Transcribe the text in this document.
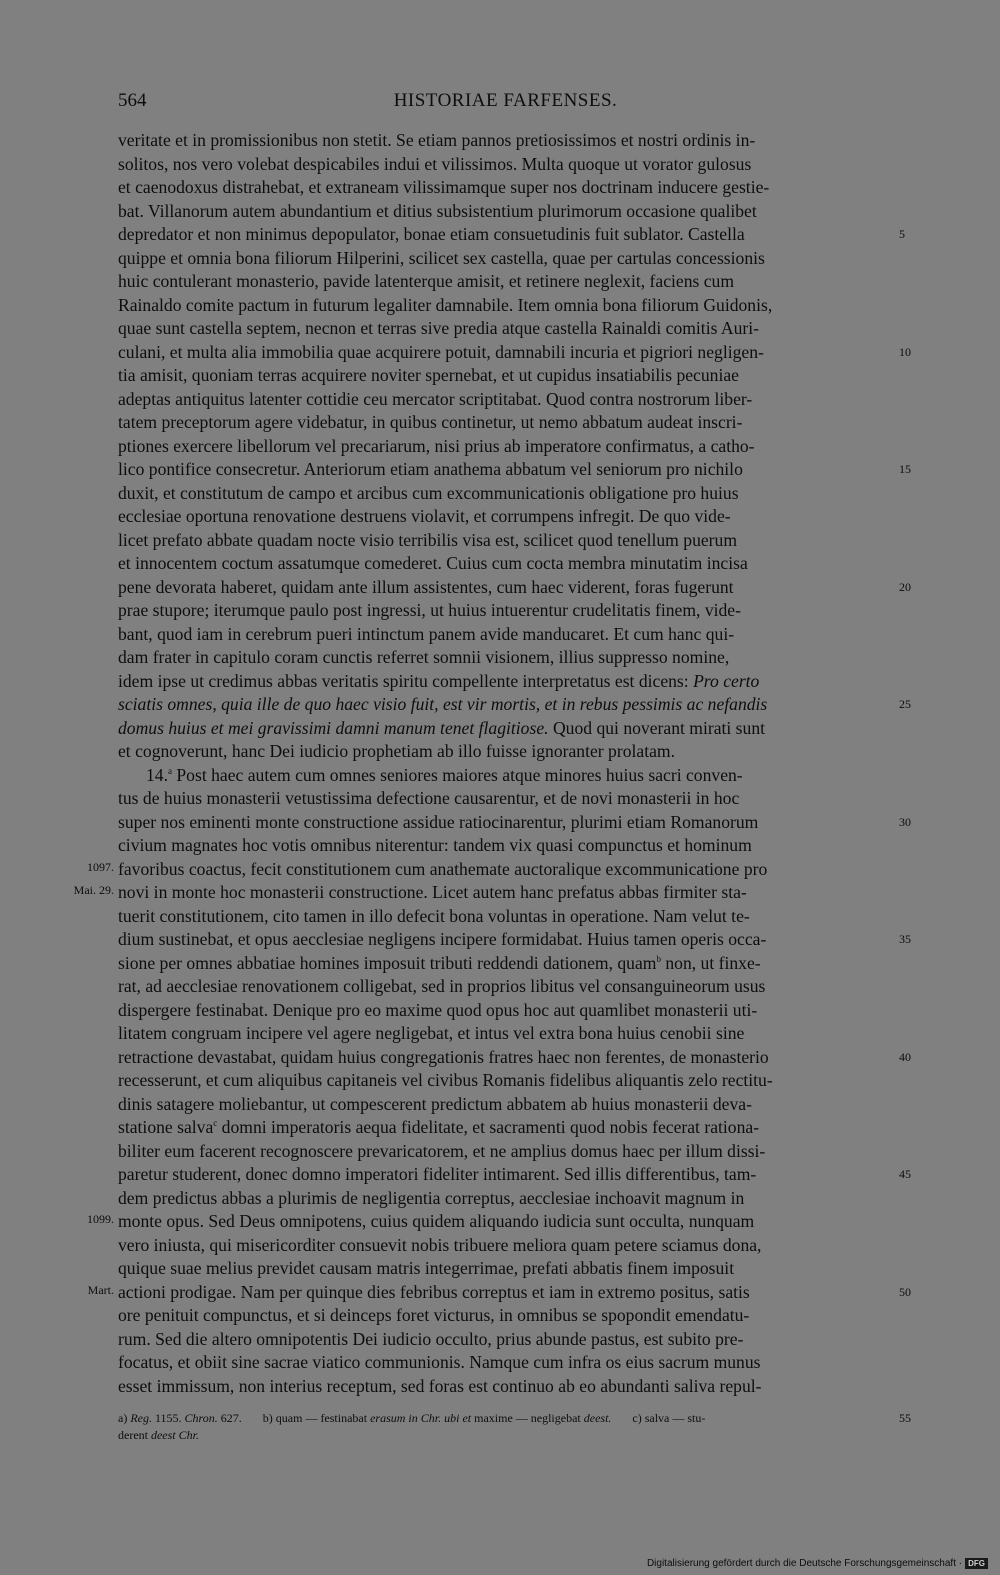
564	HISTORIAE FARFENSES.
veritate et in promissionibus non stetit. Se etiam pannos pretiosissimos et nostri ordinis in-
solitos, nos vero volebat despicabiles indui et vilissimos. Multa quoque ut vorator gulosus
et caenodoxus distrahebat, et extraneam vilissimamque super nos doctrinam inducere gestie-
bat. Villanorum autem abundantium et ditius subsistentium plurimorum occasione qualibet
depredator et non minimus depopulator, bonae etiam consuetudinis fuit sublator. Castella	5
quippe et omnia bona filiorum Hilperini, scilicet sex castella, quae per cartulas concessionis
huic contulerant monasterio, pavide latenterque amisit, et retinere neglexit, faciens cum
Rainaldo comite pactum in futurum legaliter damnabile. Item omnia bona filiorum Guidonis,
quae sunt castella septem, necnon et terras sive predia atque castella Rainaldi comitis Auri-
culani, et multa alia immobilia quae acquirere potuit, damnabili incuria et pigriori negligen-	10
tia amisit, quoniam terras acquirere noviter spernebat, et ut cupidus insatiabilis pecuniae
adeptas antiquitus latenter cottidie ceu mercator scriptitabat. Quod contra nostrorum liber-
tatem preceptorum agere videbatur, in quibus continetur, ut nemo abbatum audeat inscri-
ptiones exercere libellorum vel precariarum, nisi prius ab imperatore confirmatus, a catho-
lico pontifice consecretur. Anteriorum etiam anathema abbatum vel seniorum pro nichilo	15
duxit, et constitutum de campo et arcibus cum excommunicationis obligatione pro huius
ecclesiae oportuna renovatione destruens violavit, et corrumpens infregit. De quo vide-
licet prefato abbate quadam nocte visio terribilis visa est, scilicet quod tenellum puerum
et innocentem coctum assatumque comederet. Cuius cum cocta membra minutatim incisa
pene devorata haberet, quidam ante illum assistentes, cum haec viderent, foras fugerunt	20
prae stupore; iterumque paulo post ingressi, ut huius intuerentur crudelitatis finem, vide-
bant, quod iam in cerebrum pueri intinctum panem avide manducaret. Et cum hanc qui-
dam frater in capitulo coram cunctis referret somnii visionem, illius suppresso nomine,
idem ipse ut credimus abbas veritatis spiritu compellente interpretatus est dicens: Pro certo
sciatis omnes, quia ille de quo haec visio fuit, est vir mortis, et in rebus pessimis ac nefandis	25
domus huius et mei gravissimi damni manum tenet flagitiose. Quod qui noverant mirati sunt
et cognoverunt, hanc Dei iudicio prophetiam ab illo fuisse ignoranter prolatam.
14.$^a$ Post haec autem cum omnes seniores maiores atque minores huius sacri conven-
tus de huius monasterii vetustissima defectione causarentur, et de novi monasterii in hoc
super nos eminenti monte constructione assidue ratiocinarentur, plurimi etiam Romanorum	30
civium magnates hoc votis omnibus niterentur: tandem vix quasi compunctus et hominum
favoribus coactus, fecit constitutionem cum anathemate auctoralique excommunicatione pro
1097.
novi in monte hoc monasterii constructione. Licet autem hanc prefatus abbas firmiter sta-
Mai. 29.
tuerit constitutionem, cito tamen in illo defecit bona voluntas in operatione. Nam velut te-
dium sustinebat, et opus aecclesiae negligens incipere formidabat. Huius tamen operis occa-	35
sione per omnes abbatiae homines imposuit tributi reddendi dationem, quam$^b$ non, ut finxe-
rat, ad aecclesiae renovationem colligebat, sed in proprios libitus vel consanguineorum usus
dispergere festinabat. Denique pro eo maxime quod opus hoc aut quamlibet monasterii uti-
litatem congruam incipere vel agere negligebat, et intus vel extra bona huius cenobii sine
retractione devastabat, quidam huius congregationis fratres haec non ferentes, de monasterio	40
recesserunt, et cum aliquibus capitaneis vel civibus Romanis fidelibus aliquantis zelo rectitu-
dinis satagere moliebantur, ut compescerent predictum abbatem ab huius monasterii deva-
statione salva$^c$ domni imperatoris aequa fidelitate, et sacramenti quod nobis fecerat rationa-
biliter eum facerent recognoscere prevaricatorem, et ne amplius domus haec per illum dissi-
paretur studerent, donec domno imperatori fideliter intimarent. Sed illis differentibus, tam-	45
dem predictus abbas a plurimis de negligentia correptus, aecclesiae inchoavit magnum in
monte opus. Sed Deus omnipotens, cuius quidem aliquando iudicia sunt occulta, nunquam
1099.
vero iniusta, qui misericorditer consuevit nobis tribuere meliora quam petere sciamus dona,
quique suae melius previdet causam matris integerrimae, prefati abbatis finem imposuit
actioni prodigae. Nam per quinque dies febribus correptus et iam in extremo positus, satis	50
Mart.
ore penituit compunctus, et si deinceps foret victurus, in omnibus se spopondit emendatu-
rum. Sed die altero omnipotentis Dei iudicio occulto, prius abunde pastus, est subito pre-
focatus, et obiit sine sacrae viatico communionis. Namque cum infra os eius sacrum munus
esset immissum, non interius receptum, sed foras est continuo ab eo abundanti saliva repul-
a) Reg. 1155. Chron. 627.       b) quam — festinabat erasum in Chr. ubi et maxime — negligebat deest.       c) salva — stu-	55
derent deest Chr.
Digitalisierung gefördert durch die Deutsche Forschungsgemeinschaft · DFG
